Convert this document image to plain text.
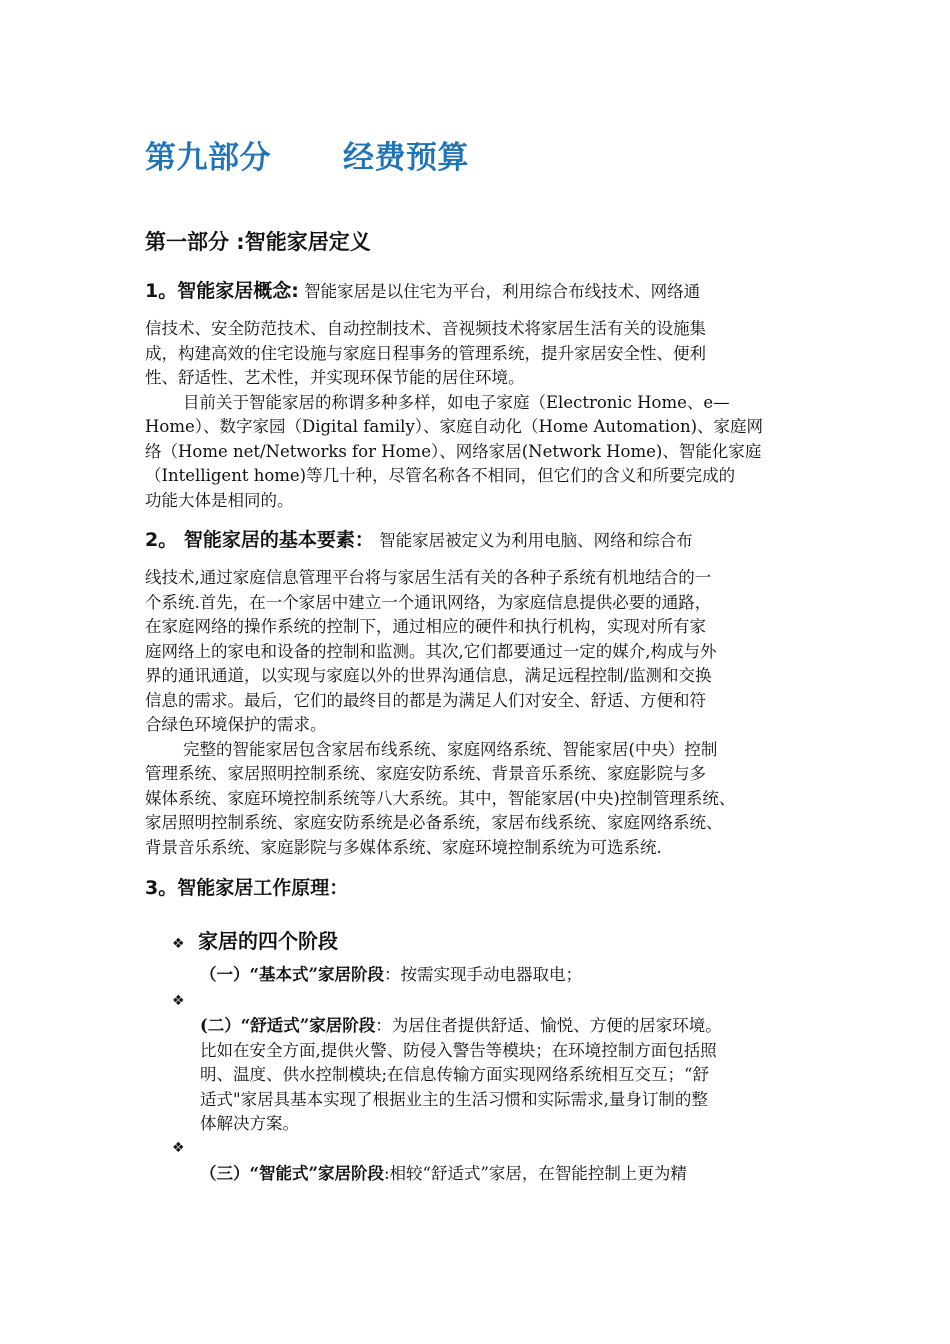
第九部分 经费预算
第一部分 :智能家居定义
1。智能家居概念: 智能家居是以住宅为平台，利用综合布线技术、网络通
信技术、安全防范技术、自动控制技术、音视频技术将家居生活有关的设施集
成，构建高效的住宅设施与家庭日程事务的管理系统，提升家居安全性、便利
性、舒适性、艺术性，并实现环保节能的居住环境。
目前关于智能家居的称谓多种多样，如电子家庭（Electronic Home、e—
Home）、数字家园（Digital family）、家庭自动化（Home Automation)、家庭网
络（Home net/Networks for Home）、网络家居(Network Home)、智能化家庭
（Intelligent home)等几十种，尽管名称各不相同，但它们的含义和所要完成的
功能大体是相同的。
2。 智能家居的基本要素： 智能家居被定义为利用电脑、网络和综合布
线技术,通过家庭信息管理平台将与家居生活有关的各种子系统有机地结合的一
个系统.首先，在一个家居中建立一个通讯网络，为家庭信息提供必要的通路，
在家庭网络的操作系统的控制下，通过相应的硬件和执行机构，实现对所有家
庭网络上的家电和设备的控制和监测。其次,它们都要通过一定的媒介,构成与外
界的通讯通道，以实现与家庭以外的世界沟通信息，满足远程控制/监测和交换
信息的需求。最后，它们的最终目的都是为满足人们对安全、舒适、方便和符
合绿色环境保护的需求。
完整的智能家居包含家居布线系统、家庭网络系统、智能家居(中央）控制
管理系统、家居照明控制系统、家庭安防系统、背景音乐系统、家庭影院与多
媒体系统、家庭环境控制系统等八大系统。其中，智能家居(中央)控制管理系统、
家居照明控制系统、家庭安防系统是必备系统，家居布线系统、家庭网络系统、
背景音乐系统、家庭影院与多媒体系统、家庭环境控制系统为可选系统.
3。智能家居工作原理：
❖ 家居的四个阶段
（一）“基本式”家居阶段：按需实现手动电器取电；
❖
(二）“舒适式”家居阶段：为居住者提供舒适、愉悦、方便的居家环境。
比如在安全方面,提供火警、防侵入警告等模块；在环境控制方面包括照
明、温度、供水控制模块;在信息传输方面实现网络系统相互交互；“舒
适式"家居具基本实现了根据业主的生活习惯和实际需求,量身订制的整
体解决方案。
❖
（三）“智能式”家居阶段:相较“舒适式”家居，在智能控制上更为精
